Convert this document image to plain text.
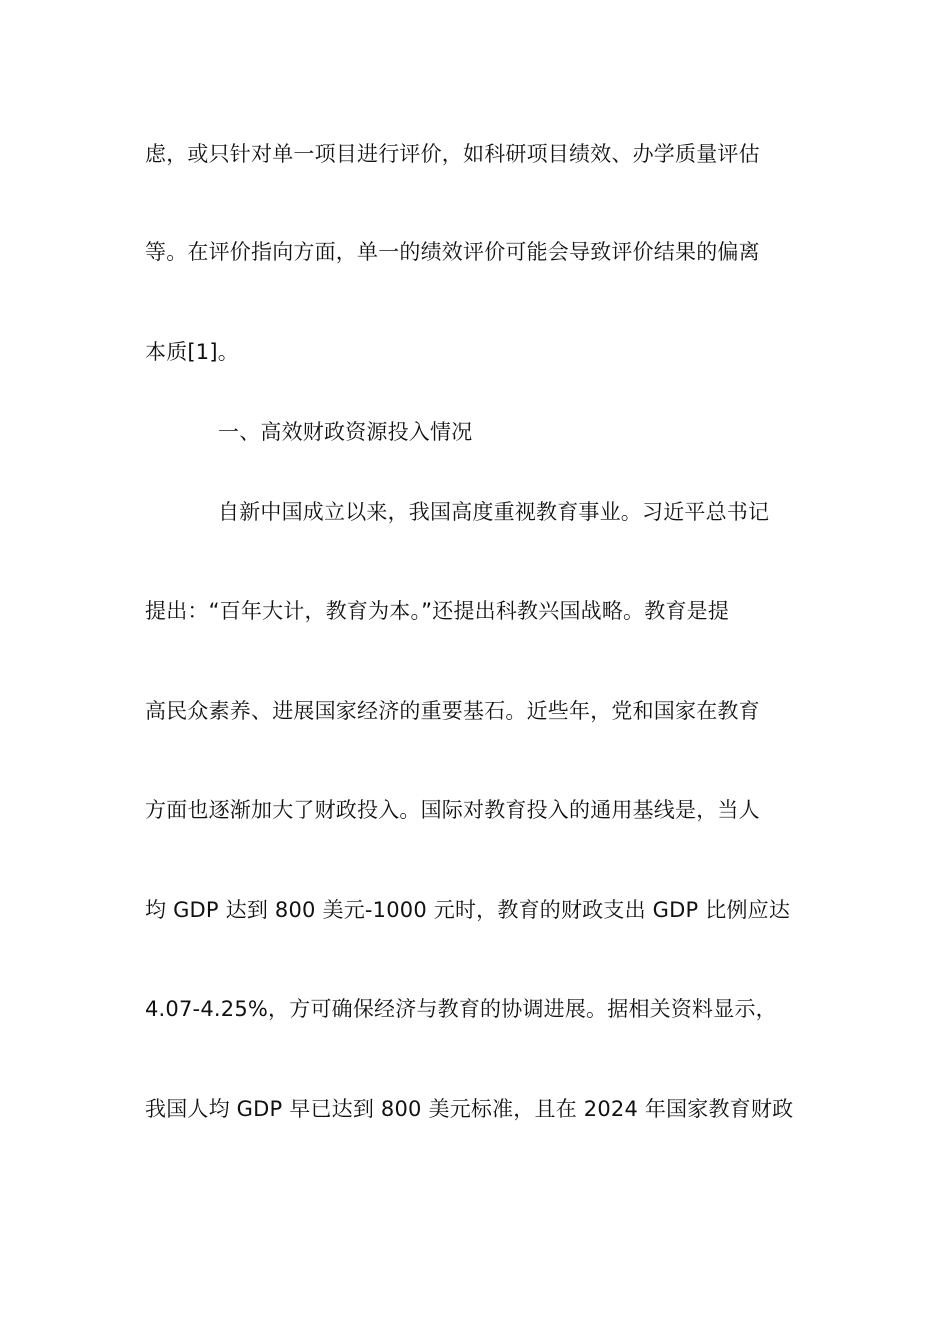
虑，或只针对单一项目进行评价，如科研项目绩效、办学质量评估
等。在评价指向方面，单一的绩效评价可能会导致评价结果的偏离
本质[1]。
一、高效财政资源投入情况
自新中国成立以来，我国高度重视教育事业。习近平总书记
提出：“百年大计，教育为本。”还提出科教兴国战略。教育是提
高民众素养、进展国家经济的重要基石。近些年，党和国家在教育
方面也逐渐加大了财政投入。国际对教育投入的通用基线是，当人
均 GDP 达到 800 美元-1000 元时，教育的财政支出 GDP 比例应达
4.07-4.25%，方可确保经济与教育的协调进展。据相关资料显示，
我国人均 GDP 早已达到 800 美元标准，且在 2024 年国家教育财政
